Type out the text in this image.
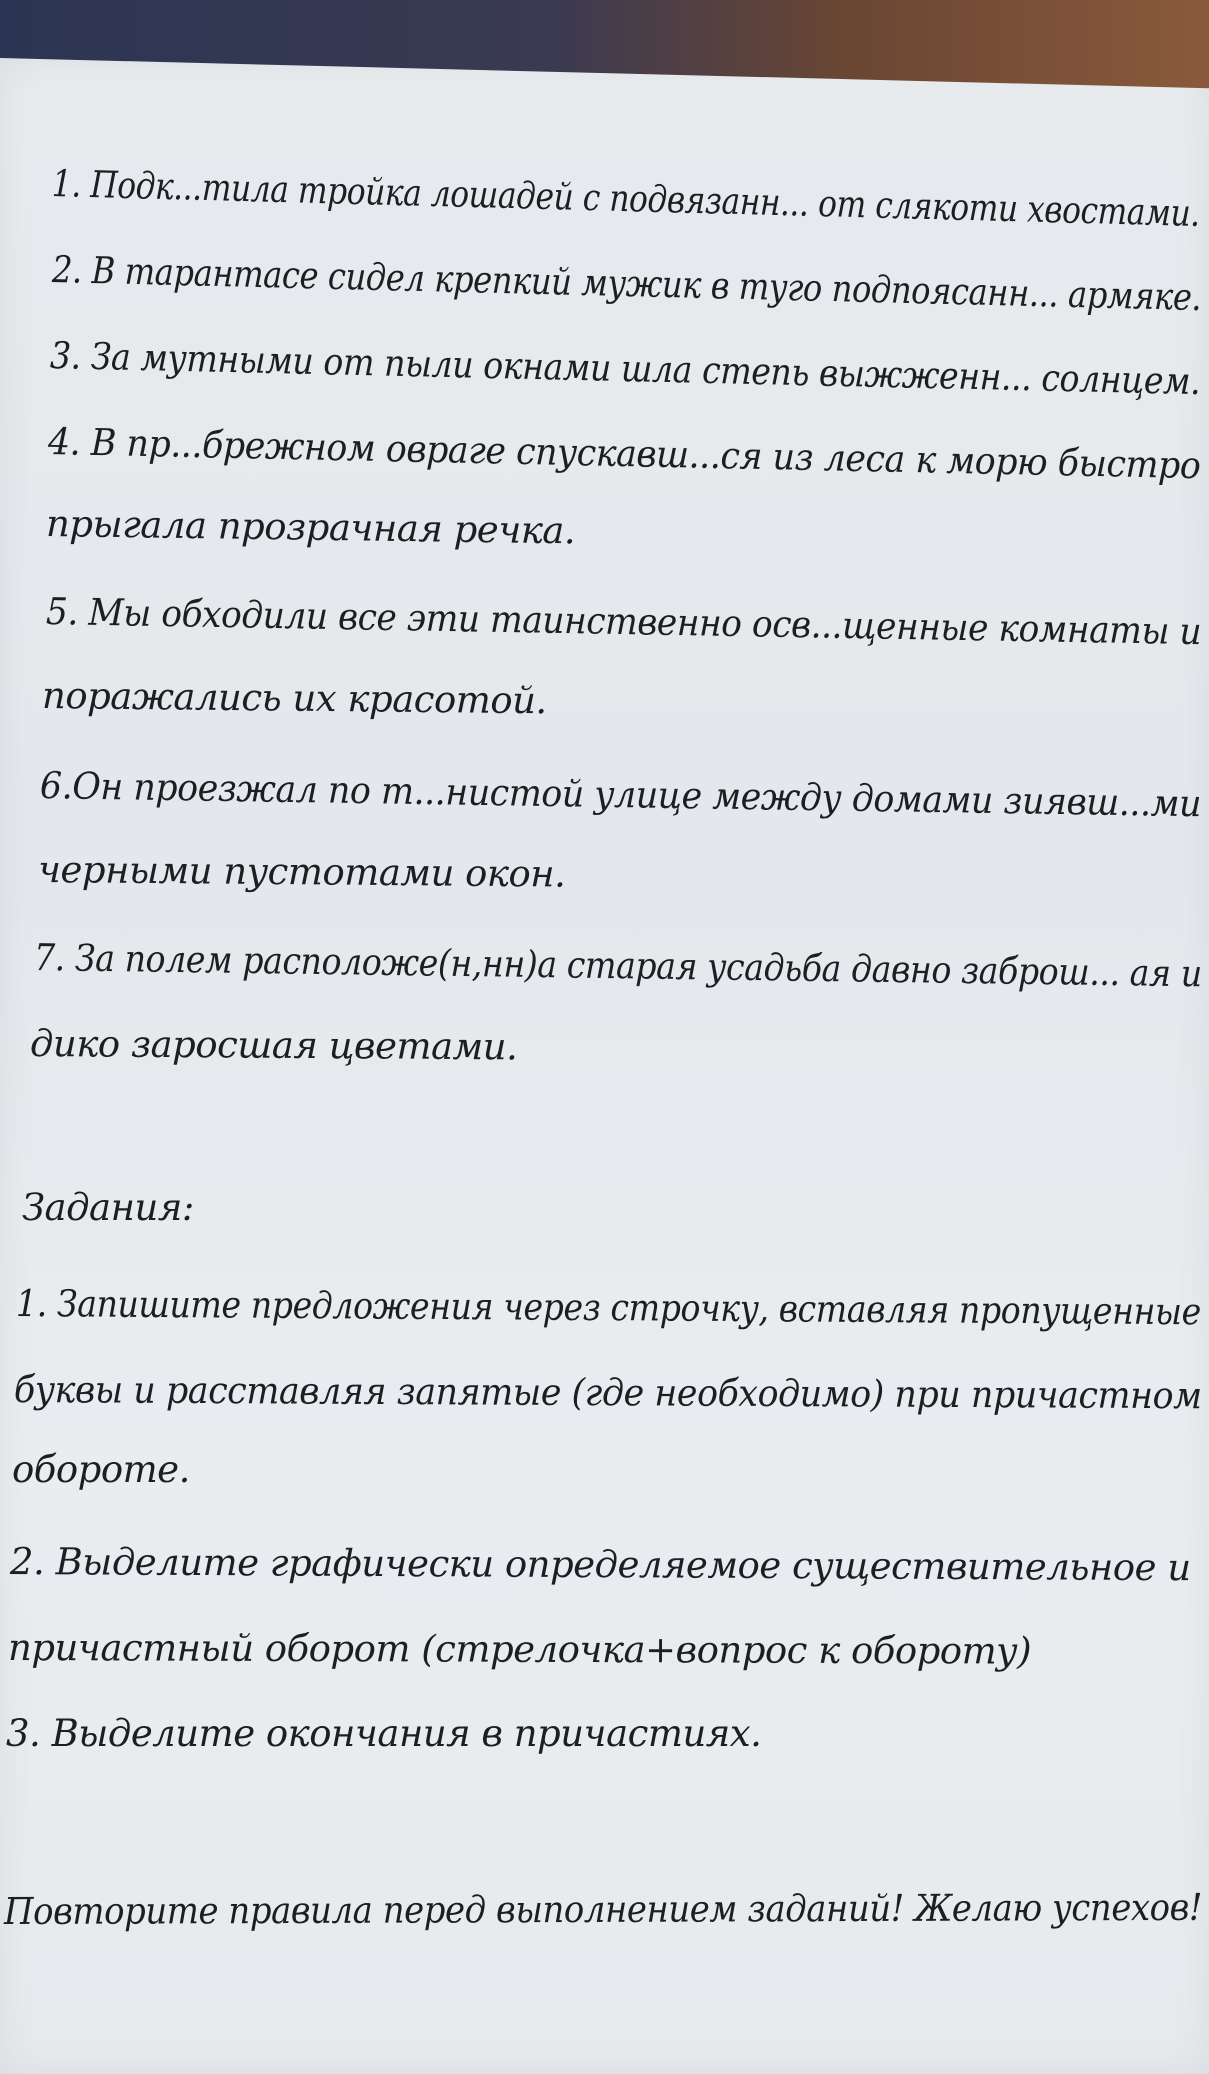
1. Подк...тила тройка лошадей с подвязанн... от слякоти хвостами.

2. В тарантасе сидел крепкий мужик в туго подпоясанн... армяке.

3. За мутными от пыли окнами шла степь выжженн... солнцем.

4. В пр...брежном овраге спускавш...ся из леса к морю быстро

прыгала прозрачная речка.

5. Мы обходили все эти таинственно осв...щенные комнаты и

поражались их красотой.

6.Он проезжал по т...нистой улице между домами зиявш...ми

черными пустотами окон.

7. За полем расположе(н,нн)а старая усадьба давно заброш... ая и

дико заросшая цветами.

Задания:

1. Запишите предложения через строчку, вставляя пропущенные

буквы и расставляя запятые (где необходимо) при причастном

обороте.

2. Выделите графически определяемое существительное и

причастный оборот (стрелочка+вопрос к обороту)

3. Выделите окончания в причастиях.

Повторите правила перед выполнением заданий! Желаю успехов!
